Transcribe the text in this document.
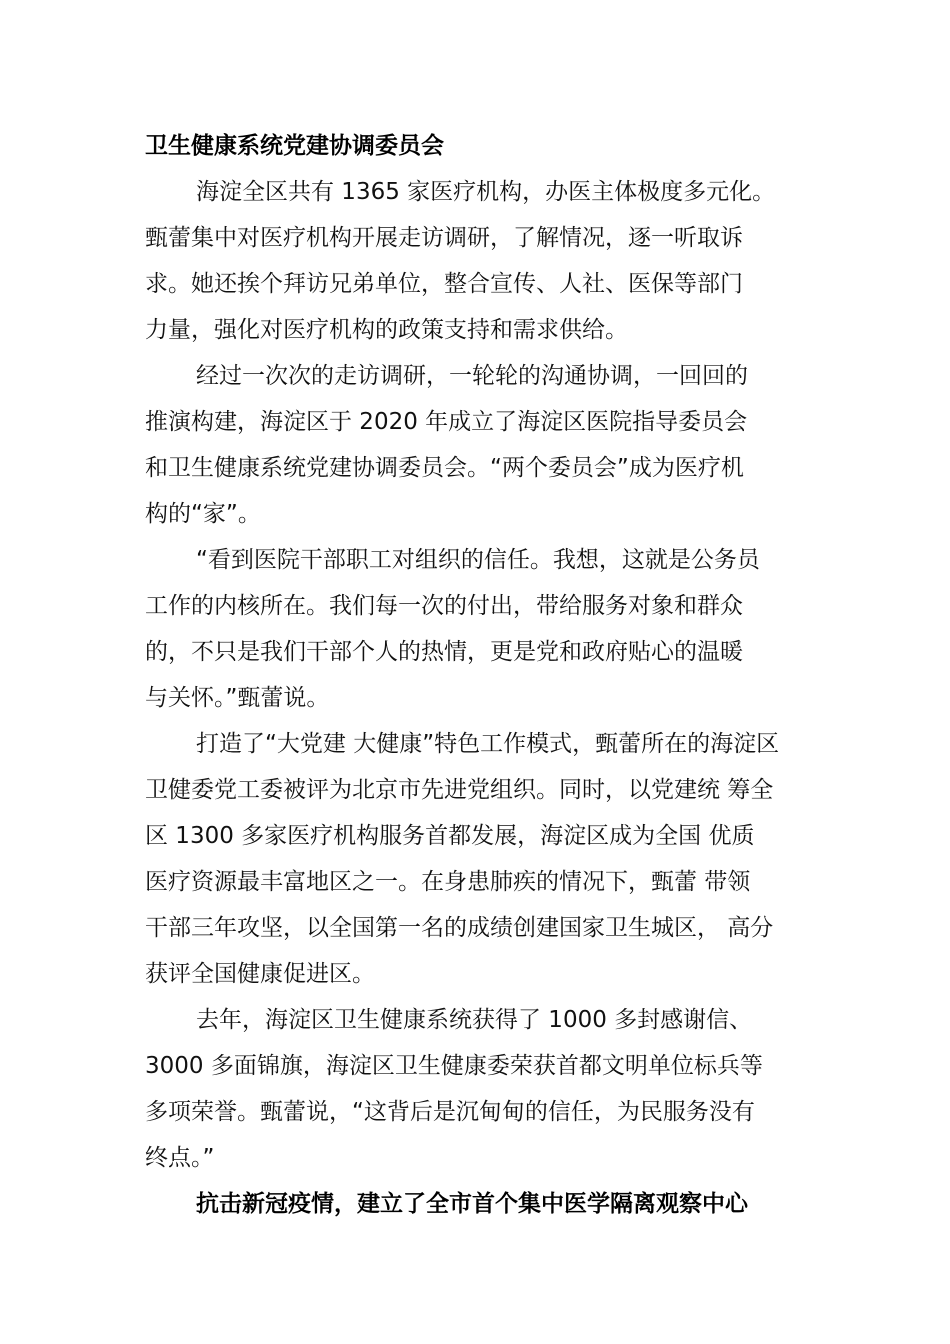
卫生健康系统党建协调委员会
海淀全区共有 1365 家医疗机构，办医主体极度多元化。
甄蕾集中对医疗机构开展走访调研，了解情况，逐一听取诉
求。她还挨个拜访兄弟单位，整合宣传、人社、医保等部门
力量，强化对医疗机构的政策支持和需求供给。
经过一次次的走访调研，一轮轮的沟通协调，一回回的
推演构建，海淀区于 2020 年成立了海淀区医院指导委员会
和卫生健康系统党建协调委员会。“两个委员会”成为医疗机
构的“家”。
“看到医院干部职工对组织的信任。我想，这就是公务员
工作的内核所在。我们每一次的付出，带给服务对象和群众
的，不只是我们干部个人的热情，更是党和政府贴心的温暖
与关怀。”甄蕾说。
打造了“大党建 大健康”特色工作模式，甄蕾所在的海淀区
卫健委党工委被评为北京市先进党组织。同时，以党建统 筹全
区 1300 多家医疗机构服务首都发展，海淀区成为全国 优质
医疗资源最丰富地区之一。在身患肺疾的情况下，甄蕾 带领
干部三年攻坚，以全国第一名的成绩创建国家卫生城区， 高分
获评全国健康促进区。
去年，海淀区卫生健康系统获得了 1000 多封感谢信、
3000 多面锦旗，海淀区卫生健康委荣获首都文明单位标兵等
多项荣誉。甄蕾说，“这背后是沉甸甸的信任，为民服务没有
终点。”
抗击新冠疫情，建立了全市首个集中医学隔离观察中心
